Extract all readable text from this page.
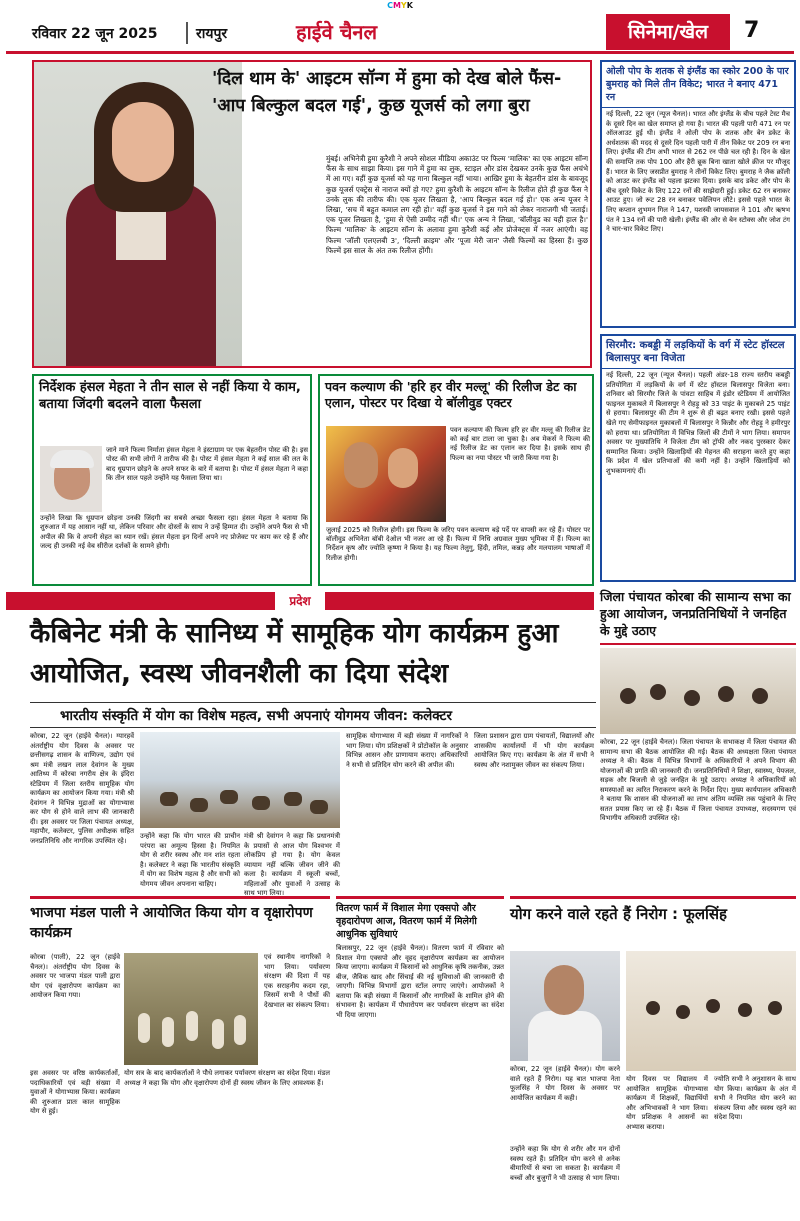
CMYK
रविवार 22 जून 2025	रायपुर	हाईवे चैनल	सिनेमा/खेल	7
'दिल थाम के' आइटम सॉन्ग में हुमा को देख बोले फैंस- 'आप बिल्कुल बदल गई', कुछ यूजर्स को लगा बुरा
मुंबई। अभिनेत्री हुमा कुरैशी ने अपने सोशल मीडिया अकाउंट पर फिल्म 'मालिक' का एक आइटम सॉन्ग फैंस के साथ साझा किया। इस गाने में हुमा का लुक, स्टाइल और डांस देखकर उनके कुछ फैंस अचंभे में आ गए। वहीं कुछ यूजर्स को यह गाना बिल्कुल नहीं भाया। आखिर हुमा के बेहतरीन डांस के बावजूद कुछ यूजर्स एक्ट्रेस से नाराज क्यों हो गए? हुमा कुरैशी के आइटम सॉन्ग के रिलीज होते ही कुछ फैंस ने उनके लुक की तारीफ की। एक यूजर लिखता है, 'आप बिल्कुल बदल गई हो।' एक अन्य यूजर ने लिखा, 'सच में बहुत कमाल लग रही हो।' वहीं कुछ यूजर्स ने इस गाने को लेकर नाराजगी भी जताई। एक यूजर लिखता है, 'हुमा से ऐसी उम्मीद नहीं थी।' एक अन्य ने लिखा, 'बॉलीवुड का यही हाल है।' फिल्म 'मालिक' के आइटम सॉन्ग के अलावा हुमा कुरैशी कई और प्रोजेक्ट्स में नजर आएंगी। वह फिल्म 'जॉली एलएलबी 3', 'दिल्ली क्राइम' और 'पूजा मेरी जान' जैसी फिल्मों का हिस्सा हैं। कुछ फिल्में इस साल के अंत तक रिलीज होंगी।
ओली पोप के शतक से इंग्लैंड का स्कोर 200 के पार बुमराह को मिले तीन विकेट; भारत ने बनाए 471 रन
नई दिल्ली, 22 जून (न्यूज चैनल)। भारत और इंग्लैंड के बीच पहले टेस्ट मैच के दूसरे दिन का खेल समाप्त हो गया है। भारत की पहली पारी 471 रन पर ऑलआउट हुई थी। इंग्लैंड ने ओली पोप के शतक और बेन डकेट के अर्धशतक की मदद से दूसरे दिन पहली पारी में तीन विकेट पर 209 रन बना लिए। इंग्लैंड की टीम अभी भारत से 262 रन पीछे चल रही है। दिन के खेल की समाप्ति तक पोप 100 और हैरी ब्रूक बिना खाता खोले क्रीज पर मौजूद हैं। भारत के लिए जसप्रीत बुमराह ने तीनों विकेट लिए। बुमराह ने जैक क्रॉली को आउट कर इंग्लैंड को पहला झटका दिया। इसके बाद डकेट और पोप के बीच दूसरे विकेट के लिए 122 रनों की साझेदारी हुई। डकेट 62 रन बनाकर आउट हुए। जो रूट 28 रन बनाकर पवेलियन लौटे। इससे पहले भारत के लिए कप्तान शुभमन गिल ने 147, यशस्वी जायसवाल ने 101 और ऋषभ पंत ने 134 रनों की पारी खेली। इंग्लैंड की ओर से बेन स्टोक्स और जोश टंग ने चार-चार विकेट लिए।
सिरमौर: कबड्डी में लड़कियों के वर्ग में स्टेट हॉस्टल बिलासपुर बना विजेता
नई दिल्ली, 22 जून (न्यूज चैनल)। पहली अंडर-18 राज्य स्तरीय कबड्डी प्रतियोगिता में लड़कियों के वर्ग में स्टेट हॉस्टल बिलासपुर विजेता बना। शनिवार को सिरमौर जिले के पांवटा साहिब में इंडोर स्टेडियम में आयोजित फाइनल मुकाबले में बिलासपुर ने रोहड़ू को 33 पाइंट के मुकाबले 25 पाइंट से हराया। बिलासपुर की टीम ने शुरू से ही बढ़त बनाए रखी। इससे पहले खेले गए सेमीफाइनल मुकाबलों में बिलासपुर ने किन्नौर और रोहड़ू ने हमीरपुर को हराया था। प्रतियोगिता में विभिन्न जिलों की टीमों ने भाग लिया। समापन अवसर पर मुख्यातिथि ने विजेता टीम को ट्रॉफी और नकद पुरस्कार देकर सम्मानित किया। उन्होंने खिलाड़ियों की मेहनत की सराहना करते हुए कहा कि प्रदेश में खेल प्रतिभाओं की कमी नहीं है। उन्होंने खिलाड़ियों को शुभकामनाएं दीं।
निर्देशक हंसल मेहता ने तीन साल से नहीं किया ये काम, बताया जिंदगी बदलने वाला फैसला
जाने माने फिल्म निर्माता हंसल मेहता ने इंस्टाग्राम पर एक बेहतरीन पोस्ट की है। इस पोस्ट की सभी लोगों ने तारीफ की है। पोस्ट में हंसल मेहता ने कई साल की लत के बाद धूम्रपान छोड़ने के अपने सफर के बारे में बताया है। पोस्ट में हंसल मेहता ने कहा कि तीन साल पहले उन्होंने यह फैसला लिया था।
उन्होंने लिखा कि धूम्रपान छोड़ना उनकी जिंदगी का सबसे अच्छा फैसला रहा। हंसल मेहता ने बताया कि शुरुआत में यह आसान नहीं था, लेकिन परिवार और दोस्तों के साथ ने उन्हें हिम्मत दी। उन्होंने अपने फैंस से भी अपील की कि वे अपनी सेहत का ध्यान रखें। हंसल मेहता इन दिनों अपने नए प्रोजेक्ट पर काम कर रहे हैं और जल्द ही उनकी नई वेब सीरीज दर्शकों के सामने होगी।
पवन कल्याण की 'हरि हर वीर मल्लू' की रिलीज डेट का एलान, पोस्टर पर दिखा ये बॉलीवुड एक्टर
पवन कल्याण की फिल्म हरि हर वीर मल्लू की रिलीज डेट को कई बार टाला जा चुका है। अब मेकर्स ने फिल्म की नई रिलीज डेट का एलान कर दिया है। इसके साथ ही फिल्म का नया पोस्टर भी जारी किया गया है।
जुलाई 2025 को रिलीज होगी। इस फिल्म के जरिए पवन कल्याण बड़े पर्दे पर वापसी कर रहे हैं। पोस्टर पर बॉलीवुड अभिनेता बॉबी देओल भी नजर आ रहे हैं। फिल्म में निधि अग्रवाल मुख्य भूमिका में हैं। फिल्म का निर्देशन कृष और ज्योति कृष्णा ने किया है। यह फिल्म तेलुगु, हिंदी, तमिल, कन्नड़ और मलयालम भाषाओं में रिलीज होगी।
प्रदेश
कैबिनेट मंत्री के सानिध्य में सामूहिक योग कार्यक्रम हुआ आयोजित, स्वस्थ जीवनशैली का दिया संदेश
भारतीय संस्कृति में योग का विशेष महत्व, सभी अपनाएं योगमय जीवन: कलेक्टर
कोरबा, 22 जून (हाईवे चैनल)। ग्यारहवें अंतर्राष्ट्रीय योग दिवस के अवसर पर छत्तीसगढ़ शासन के वाणिज्य, उद्योग एवं श्रम मंत्री लखन लाल देवांगन के मुख्य आतिथ्य में कोरबा नगरीय क्षेत्र के इंदिरा स्टेडियम में जिला स्तरीय सामूहिक योग कार्यक्रम का आयोजन किया गया। मंत्री श्री देवांगन ने विभिन्न मुद्राओं का योगाभ्यास कर योग से होने वाले लाभ की जानकारी दी। इस अवसर पर जिला पंचायत अध्यक्ष, महापौर, कलेक्टर, पुलिस अधीक्षक सहित जनप्रतिनिधि और नागरिक उपस्थित रहे।
उन्होंने कहा कि योग भारत की प्राचीन परंपरा का अमूल्य हिस्सा है। नियमित योग से शरीर स्वस्थ और मन शांत रहता है। कलेक्टर ने कहा कि भारतीय संस्कृति में योग का विशेष महत्व है और सभी को योगमय जीवन अपनाना चाहिए।
मंत्री श्री देवांगन ने कहा कि प्रधानमंत्री के प्रयासों से आज योग विश्वभर में लोकप्रिय हो गया है। योग केवल व्यायाम नहीं बल्कि जीवन जीने की कला है। कार्यक्रम में स्कूली बच्चों, महिलाओं और युवाओं ने उत्साह के साथ भाग लिया।
सामूहिक योगाभ्यास में बड़ी संख्या में नागरिकों ने भाग लिया। योग प्रशिक्षकों ने प्रोटोकॉल के अनुसार विभिन्न आसन और प्राणायाम कराए। अधिकारियों ने सभी से प्रतिदिन योग करने की अपील की।
जिला प्रशासन द्वारा ग्राम पंचायतों, विद्यालयों और शासकीय कार्यालयों में भी योग कार्यक्रम आयोजित किए गए। कार्यक्रम के अंत में सभी ने स्वस्थ और नशामुक्त जीवन का संकल्प लिया।
जिला पंचायत कोरबा की सामान्य सभा का हुआ आयोजन, जनप्रतिनिधियों ने जनहित के मुद्दे उठाए
कोरबा, 22 जून (हाईवे चैनल)। जिला पंचायत के सभाकक्ष में जिला पंचायत की सामान्य सभा की बैठक आयोजित की गई। बैठक की अध्यक्षता जिला पंचायत अध्यक्ष ने की। बैठक में विभिन्न विभागों के अधिकारियों ने अपने विभाग की योजनाओं की प्रगति की जानकारी दी। जनप्रतिनिधियों ने शिक्षा, स्वास्थ्य, पेयजल, सड़क और बिजली से जुड़े जनहित के मुद्दे उठाए। अध्यक्ष ने अधिकारियों को समस्याओं का त्वरित निराकरण करने के निर्देश दिए। मुख्य कार्यपालन अधिकारी ने बताया कि शासन की योजनाओं का लाभ अंतिम व्यक्ति तक पहुंचाने के लिए सतत प्रयास किए जा रहे हैं। बैठक में जिला पंचायत उपाध्यक्ष, सदस्यगण एवं विभागीय अधिकारी उपस्थित रहे।
भाजपा मंडल पाली ने आयोजित किया योग व वृक्षारोपण कार्यक्रम
कोरबा (पाली), 22 जून (हाईवे चैनल)। अंतर्राष्ट्रीय योग दिवस के अवसर पर भाजपा मंडल पाली द्वारा योग एवं वृक्षारोपण कार्यक्रम का आयोजन किया गया।
एवं स्थानीय नागरिकों ने भाग लिया। पर्यावरण संरक्षण की दिशा में यह एक सराहनीय कदम रहा, जिसमें सभी ने पौधों की देखभाल का संकल्प लिया।
इस अवसर पर वरिष्ठ कार्यकर्ताओं, पदाधिकारियों एवं बड़ी संख्या में युवाओं ने योगाभ्यास किया। कार्यक्रम की शुरुआत प्रातः काल सामूहिक योग से हुई।
योग सत्र के बाद कार्यकर्ताओं ने पौधे लगाकर पर्यावरण संरक्षण का संदेश दिया। मंडल अध्यक्ष ने कहा कि योग और वृक्षारोपण दोनों ही स्वस्थ जीवन के लिए आवश्यक हैं।
वितरण फार्म में विशाल मेगा एक्सपो और वृहदारोपण आज, वितरण फार्म में मिलेगी आधुनिक सुविधाएं
बिलासपुर, 22 जून (हाईवे चैनल)। वितरण फार्म में रविवार को विशाल मेगा एक्सपो और वृहद वृक्षारोपण कार्यक्रम का आयोजन किया जाएगा। कार्यक्रम में किसानों को आधुनिक कृषि तकनीक, उन्नत बीज, जैविक खाद और सिंचाई की नई सुविधाओं की जानकारी दी जाएगी। विभिन्न विभागों द्वारा स्टॉल लगाए जाएंगे। आयोजकों ने बताया कि बड़ी संख्या में किसानों और नागरिकों के शामिल होने की संभावना है। कार्यक्रम में पौधारोपण कर पर्यावरण संरक्षण का संदेश भी दिया जाएगा।
योग करने वाले रहते हैं निरोग : फूलसिंह
कोरबा, 22 जून (हाईवे चैनल)। योग करने वाले रहते हैं निरोग। यह बात भाजपा नेता फूलसिंह ने योग दिवस के अवसर पर आयोजित कार्यक्रम में कही।
योग दिवस पर विद्यालय में आयोजित सामूहिक योगाभ्यास कार्यक्रम में शिक्षकों, विद्यार्थियों और अभिभावकों ने भाग लिया। योग प्रशिक्षक ने आसनों का अभ्यास कराया।
ज्योति सभी ने अनुशासन के साथ योग किया। कार्यक्रम के अंत में सभी ने नियमित योग करने का संकल्प लिया और स्वस्थ रहने का संदेश दिया।
उन्होंने कहा कि योग से शरीर और मन दोनों स्वस्थ रहते हैं। प्रतिदिन योग करने से अनेक बीमारियों से बचा जा सकता है। कार्यक्रम में बच्चों और बुजुर्गों ने भी उत्साह से भाग लिया।
